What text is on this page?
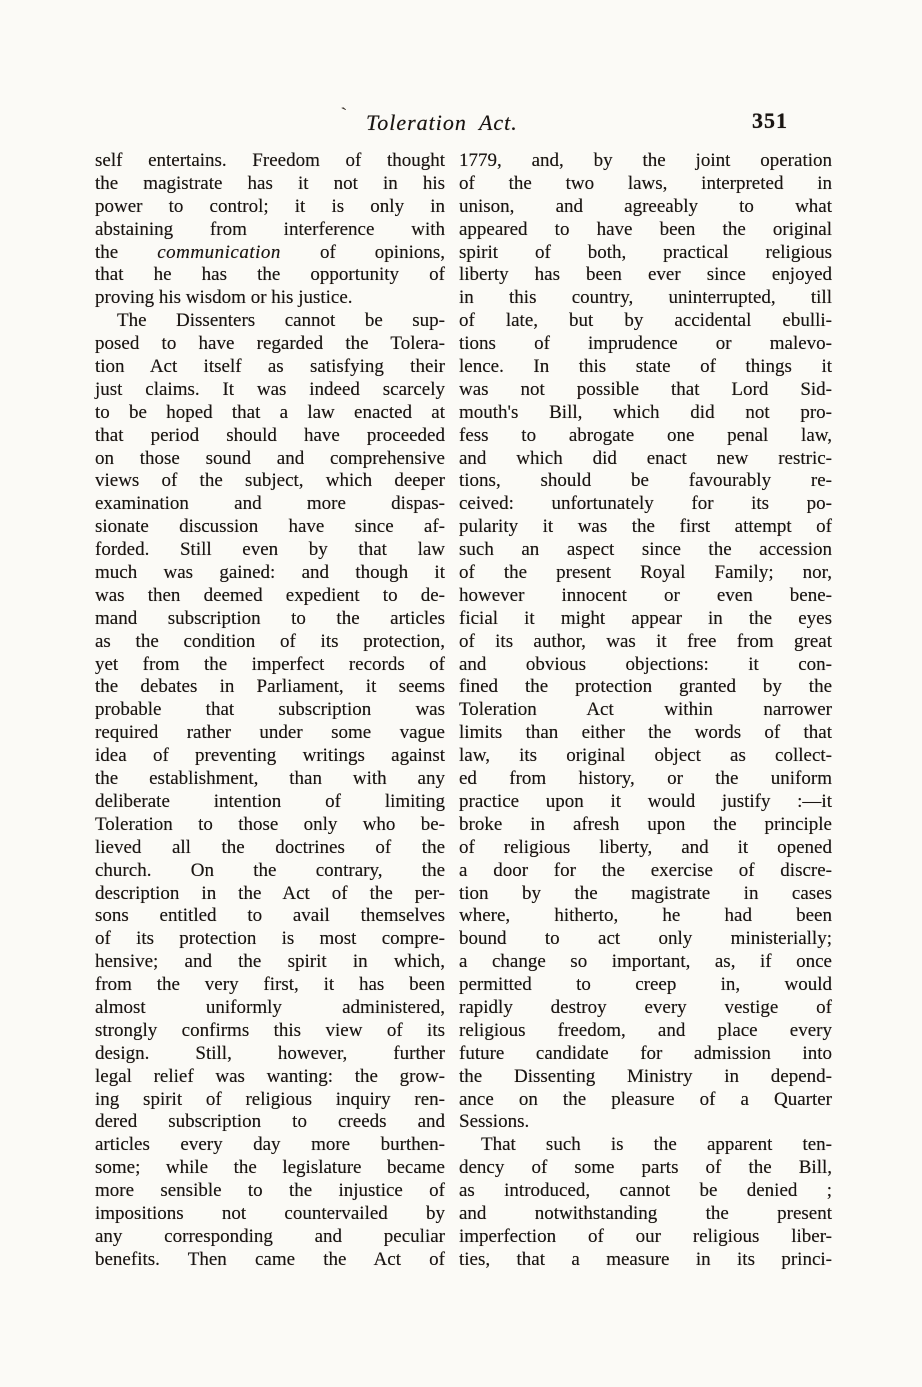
` Toleration Act.	351
self entertains. Freedom of thought
the magistrate has it not in his
power to control; it is only in
abstaining from interference with
the communication of opinions,
that he has the opportunity of
proving his wisdom or his justice.
The Dissenters cannot be sup-
posed to have regarded the Tolera-
tion Act itself as satisfying their
just claims. It was indeed scarcely
to be hoped that a law enacted at
that period should have proceeded
on those sound and comprehensive
views of the subject, which deeper
examination and more dispas-
sionate discussion have since af-
forded. Still even by that law
much was gained: and though it
was then deemed expedient to de-
mand subscription to the articles
as the condition of its protection,
yet from the imperfect records of
the debates in Parliament, it seems
probable that subscription was
required rather under some vague
idea of preventing writings against
the establishment, than with any
deliberate intention of limiting
Toleration to those only who be-
lieved all the doctrines of the
church. On the contrary, the
description in the Act of the per-
sons entitled to avail themselves
of its protection is most compre-
hensive; and the spirit in which,
from the very first, it has been
almost uniformly administered,
strongly confirms this view of its
design. Still, however, further
legal relief was wanting: the grow-
ing spirit of religious inquiry ren-
dered subscription to creeds and
articles every day more burthen-
some; while the legislature became
more sensible to the injustice of
impositions not countervailed by
any corresponding and peculiar
benefits. Then came the Act of
1779, and, by the joint operation
of the two laws, interpreted in
unison, and agreeably to what
appeared to have been the original
spirit of both, practical religious
liberty has been ever since enjoyed
in this country, uninterrupted, till
of late, but by accidental ebulli-
tions of imprudence or malevo-
lence. In this state of things it
was not possible that Lord Sid-
mouth's Bill, which did not pro-
fess to abrogate one penal law,
and which did enact new restric-
tions, should be favourably re-
ceived: unfortunately for its po-
pularity it was the first attempt of
such an aspect since the accession
of the present Royal Family; nor,
however innocent or even bene-
ficial it might appear in the eyes
of its author, was it free from great
and obvious objections: it con-
fined the protection granted by the
Toleration Act within narrower
limits than either the words of that
law, its original object as collect-
ed from history, or the uniform
practice upon it would justify :—it
broke in afresh upon the principle
of religious liberty, and it opened
a door for the exercise of discre-
tion by the magistrate in cases
where, hitherto, he had been
bound to act only ministerially;
a change so important, as, if once
permitted to creep in, would
rapidly destroy every vestige of
religious freedom, and place every
future candidate for admission into
the Dissenting Ministry in depend-
ance on the pleasure of a Quarter
Sessions.
That such is the apparent ten-
dency of some parts of the Bill,
as introduced, cannot be denied ;
and notwithstanding the present
imperfection of our religious liber-
ties, that a measure in its princi-
